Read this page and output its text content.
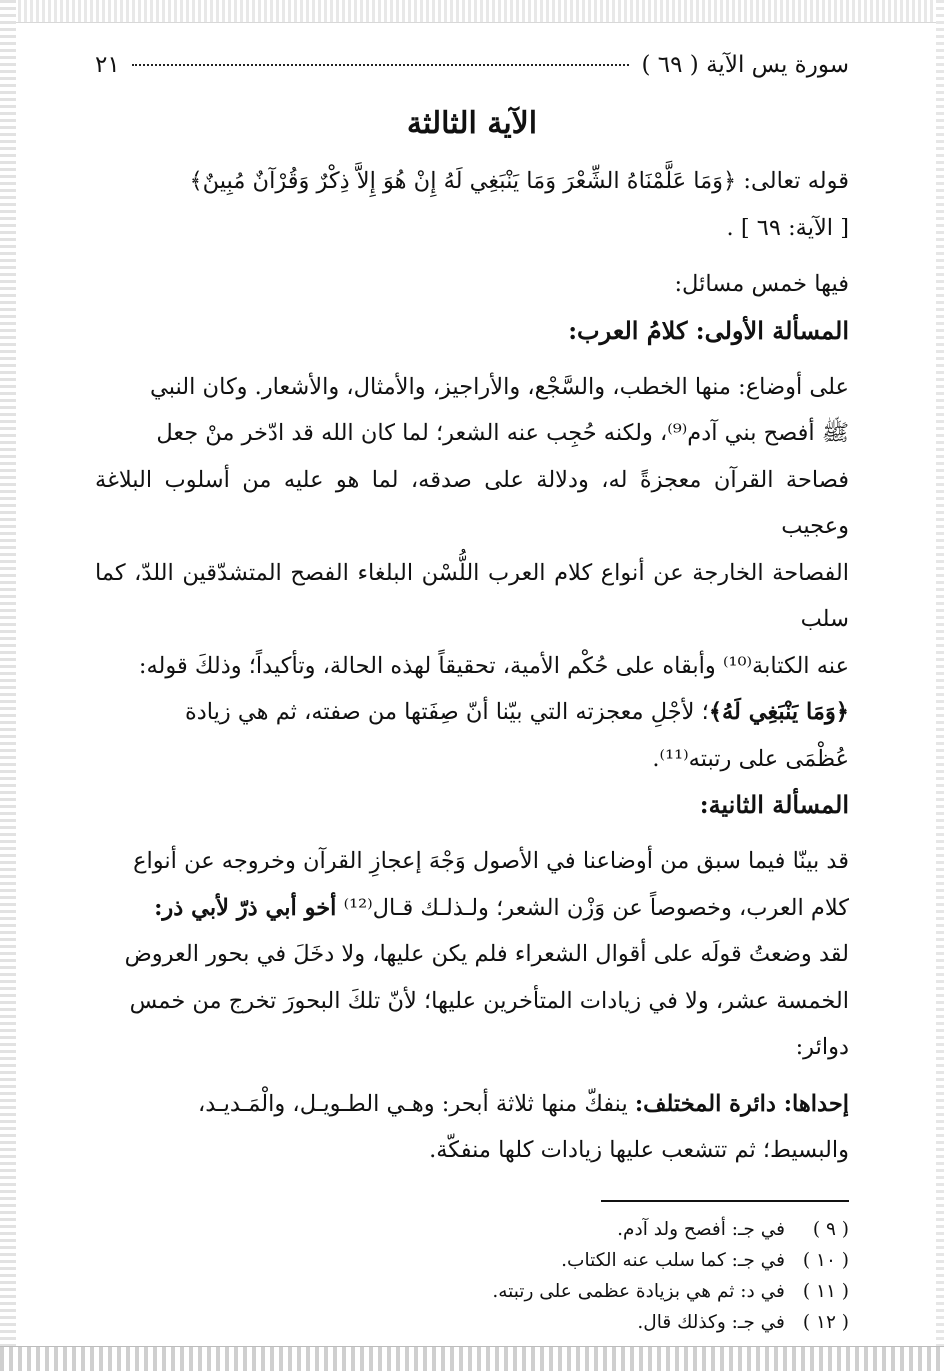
سورة يس الآية ( ٦٩ )
٢١
الآية الثالثة

قوله تعالى: ﴿وَمَا عَلَّمْنَاهُ الشِّعْرَ وَمَا يَنْبَغِي لَهُ إِنْ هُوَ إِلاَّ ذِكْرٌ وَقُرْآنٌ مُبِينٌ﴾

[ الآية: ٦٩ ] .

فيها خمس مسائل:

المسألة الأولى: كلامُ العرب:

على أوضاع: منها الخطب، والسَّجْع، والأراجيز، والأمثال، والأشعار. وكان النبي

ﷺ أفصح بني آدم⁽⁹⁾، ولكنه حُجِب عنه الشعر؛ لما كان الله قد ادّخر منْ جعل

فصاحة القرآن معجزةً له، ودلالة على صدقه، لما هو عليه من أسلوب البلاغة وعجيب

الفصاحة الخارجة عن أنواع كلام العرب اللُّسْن البلغاء الفصح المتشدّقين اللدّ، كما سلب

عنه الكتابة⁽¹⁰⁾ وأبقاه على حُكْم الأمية، تحقيقاً لهذه الحالة، وتأكيداً؛ وذلكَ قوله:

﴿وَمَا يَنْبَغِي لَهُ﴾؛ لأجْلِ معجزته التي بيّنا أنّ صِفَتها من صفته، ثم هي زيادة

عُظْمَى على رتبته⁽¹¹⁾.

المسألة الثانية:

قد بينّا فيما سبق من أوضاعنا في الأصول وَجْهَ إعجازِ القرآن وخروجه عن أنواع

كلام العرب، وخصوصاً عن وَزْن الشعر؛ ولـذلـك قـال⁽¹²⁾ أخو أبي ذرّ لأبي ذر:

لقد وضعتُ قولَه على أقوال الشعراء فلم يكن عليها، ولا دخَلَ في بحور العروض

الخمسة عشر، ولا في زيادات المتأخرين عليها؛ لأنّ تلكَ البحورَ تخرج من خمس

دوائر:

إحداها: دائرة المختلف: ينفكّ منها ثلاثة أبحر: وهـي الطـويـل، والْمَـديـد،

والبسيط؛ ثم تتشعب عليها زيادات كلها منفكّة.

( ٩ )
في جـ: أفصح ولد آدم.
( ١٠ )
في جـ: كما سلب عنه الكتاب.
( ١١ )
في د: ثم هي بزيادة عظمى على رتبته.
( ١٢ )
في جـ: وكذلك قال.
